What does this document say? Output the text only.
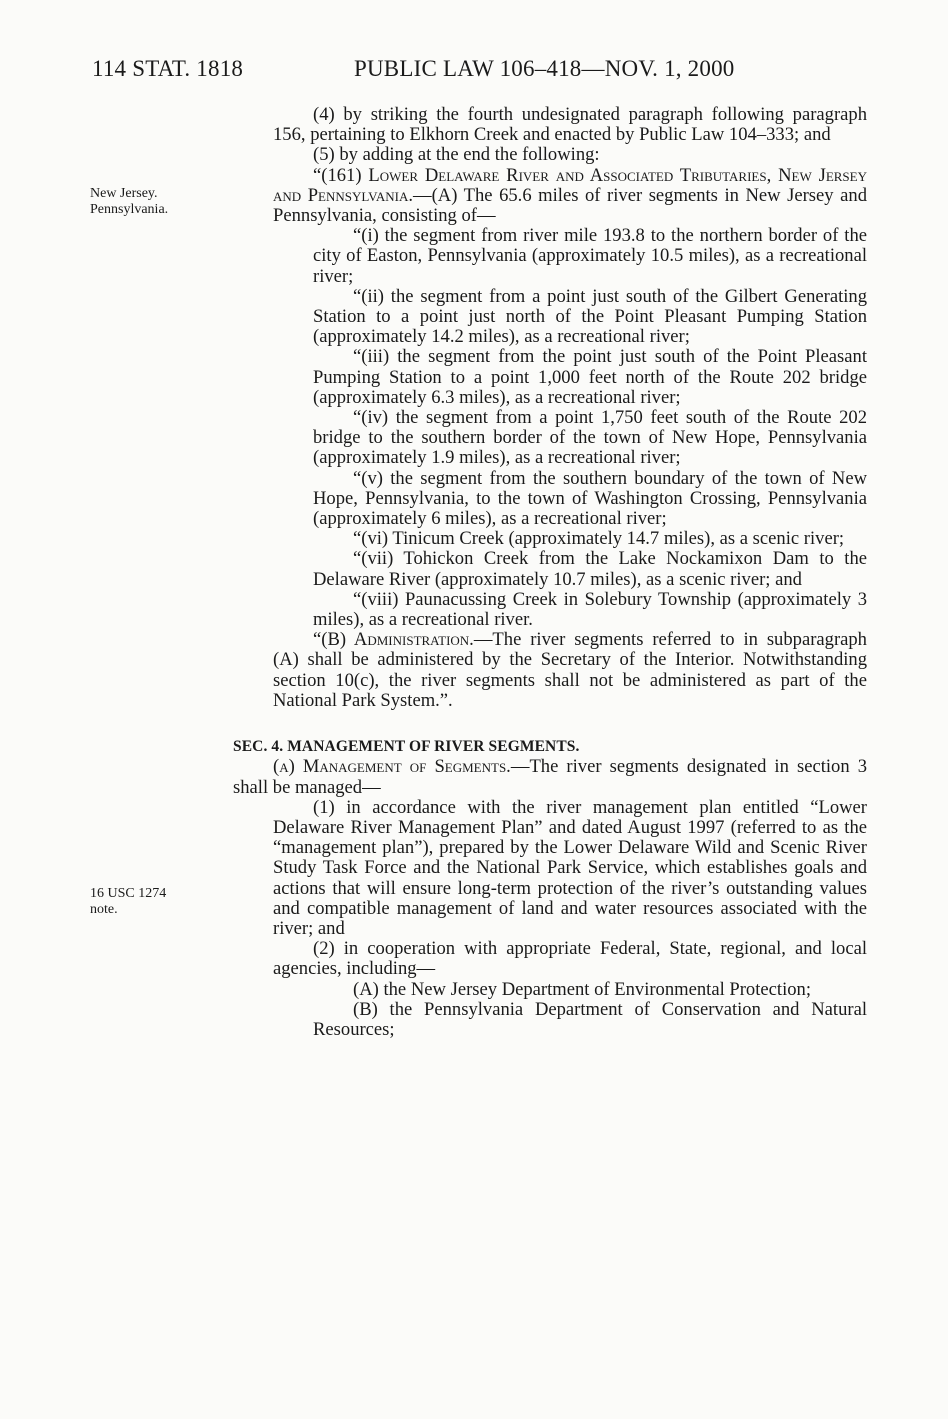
114 STAT. 1818	PUBLIC LAW 106–418—NOV. 1, 2000
New Jersey.
Pennsylvania.
16 USC 1274
note.

(4) by striking the fourth undesignated paragraph following paragraph 156, pertaining to Elkhorn Creek and enacted by Public Law 104–333; and

(5) by adding at the end the following:

“(161) Lower Delaware River and Associated Tributaries, New Jersey and Pennsylvania.—(A) The 65.6 miles of river segments in New Jersey and Pennsylvania, consisting of—

“(i) the segment from river mile 193.8 to the northern border of the city of Easton, Pennsylvania (approximately 10.5 miles), as a recreational river;

“(ii) the segment from a point just south of the Gilbert Generating Station to a point just north of the Point Pleasant Pumping Station (approximately 14.2 miles), as a recreational river;

“(iii) the segment from the point just south of the Point Pleasant Pumping Station to a point 1,000 feet north of the Route 202 bridge (approximately 6.3 miles), as a recreational river;

“(iv) the segment from a point 1,750 feet south of the Route 202 bridge to the southern border of the town of New Hope, Pennsylvania (approximately 1.9 miles), as a recreational river;

“(v) the segment from the southern boundary of the town of New Hope, Pennsylvania, to the town of Washington Crossing, Pennsylvania (approximately 6 miles), as a recreational river;

“(vi) Tinicum Creek (approximately 14.7 miles), as a scenic river;

“(vii) Tohickon Creek from the Lake Nockamixon Dam to the Delaware River (approximately 10.7 miles), as a scenic river; and

“(viii) Paunacussing Creek in Solebury Township (approximately 3 miles), as a recreational river.

“(B) Administration.—The river segments referred to in subparagraph (A) shall be administered by the Secretary of the Interior. Notwithstanding section 10(c), the river segments shall not be administered as part of the National Park System.”.

SEC. 4. MANAGEMENT OF RIVER SEGMENTS.

(a) Management of Segments.—The river segments designated in section 3 shall be managed—

(1) in accordance with the river management plan entitled “Lower Delaware River Management Plan” and dated August 1997 (referred to as the “management plan”), prepared by the Lower Delaware Wild and Scenic River Study Task Force and the National Park Service, which establishes goals and actions that will ensure long-term protection of the river’s outstanding values and compatible management of land and water resources associated with the river; and

(2) in cooperation with appropriate Federal, State, regional, and local agencies, including—

(A) the New Jersey Department of Environmental Protection;

(B) the Pennsylvania Department of Conservation and Natural Resources;
